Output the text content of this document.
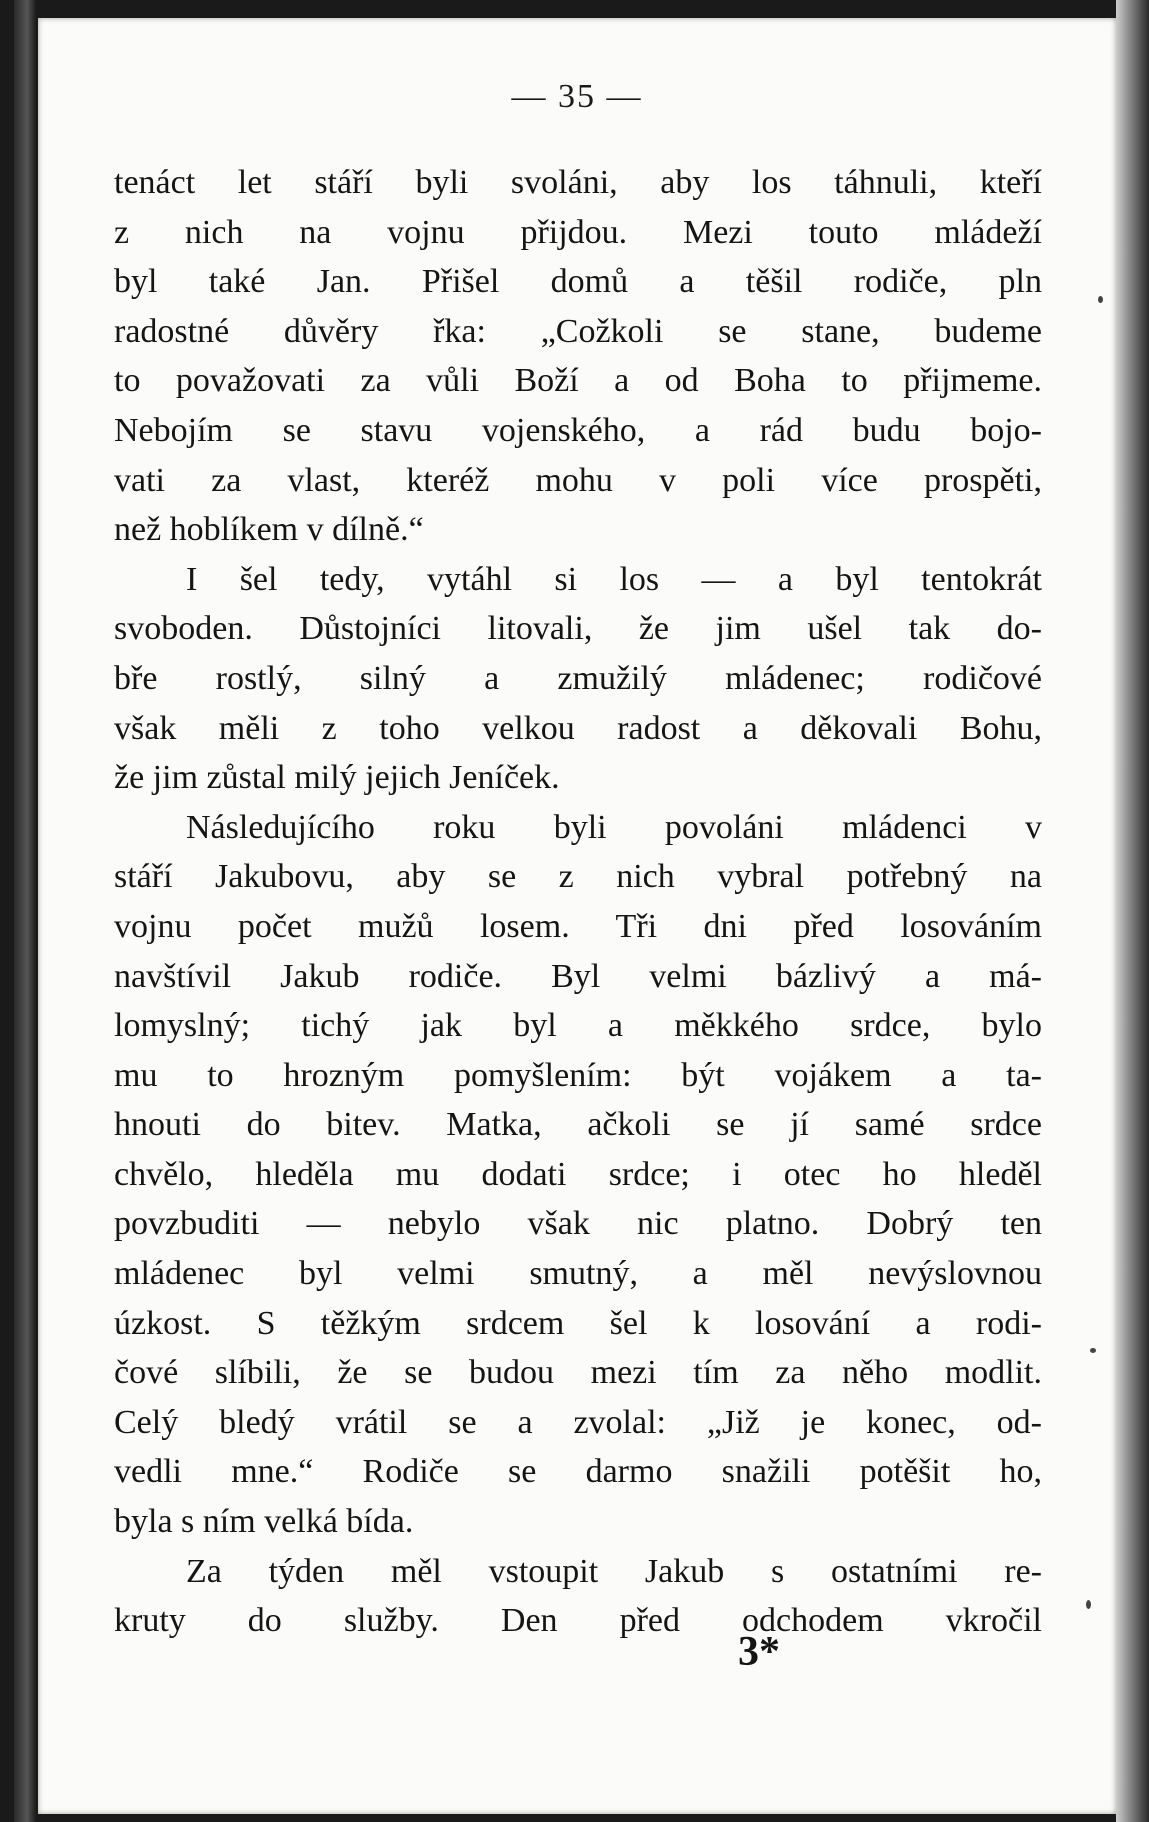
— 35 —
tenáct let stáří byli svoláni, aby los táhnuli, kteří
z nich na vojnu přijdou. Mezi touto mládeží
byl také Jan. Přišel domů a těšil rodiče, pln
radostné důvěry řka: „Cožkoli se stane, budeme
to považovati za vůli Boží a od Boha to přijmeme.
Nebojím se stavu vojenského, a rád budu bojo-
vati za vlast, kteréž mohu v poli více prospěti,
než hoblíkem v dílně.“
I šel tedy, vytáhl si los — a byl tentokrát
svoboden. Důstojníci litovali, že jim ušel tak do-
bře rostlý, silný a zmužilý mládenec; rodičové
však měli z toho velkou radost a děkovali Bohu,
že jim zůstal milý jejich Jeníček.
Následujícího roku byli povoláni mládenci v
stáří Jakubovu, aby se z nich vybral potřebný na
vojnu počet mužů losem. Tři dni před losováním
navštívil Jakub rodiče. Byl velmi bázlivý a má-
lomyslný; tichý jak byl a měkkého srdce, bylo
mu to hrozným pomyšlením: být vojákem a ta-
hnouti do bitev. Matka, ačkoli se jí samé srdce
chvělo, hleděla mu dodati srdce; i otec ho hleděl
povzbuditi — nebylo však nic platno. Dobrý ten
mládenec byl velmi smutný, a měl nevýslovnou
úzkost. S těžkým srdcem šel k losování a rodi-
čové slíbili, že se budou mezi tím za něho modlit.
Celý bledý vrátil se a zvolal: „Již je konec, od-
vedli mne.“ Rodiče se darmo snažili potěšit ho,
byla s ním velká bída.
Za týden měl vstoupit Jakub s ostatními re-
kruty do služby. Den před odchodem vkročil
3*
